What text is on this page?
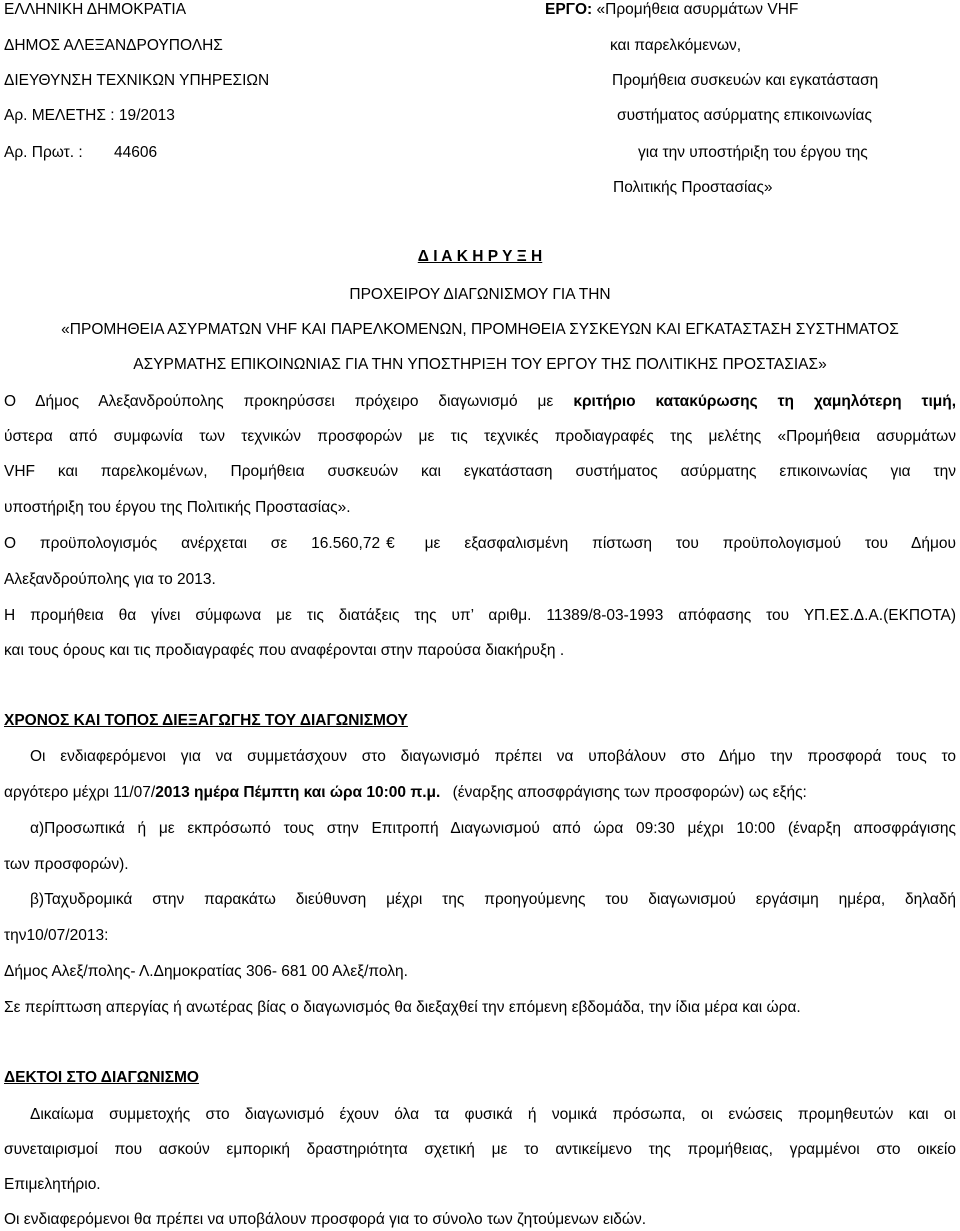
ΕΛΛΗΝΙΚΗ ΔΗΜΟΚΡΑΤΙΑ
ΔΗΜΟΣ ΑΛΕΞΑΝΔΡΟΥΠΟΛΗΣ
ΔΙΕΥΘΥΝΣΗ ΤΕΧΝΙΚΩΝ ΥΠΗΡΕΣΙΩΝ
Αρ. ΜΕΛΕΤΗΣ : 19/2013
Αρ. Πρωτ. : 44606
ΕΡΓΟ: «Προμήθεια ασυρμάτων VHF
και παρελκόμενων,
Προμήθεια συσκευών και εγκατάσταση
συστήματος ασύρματης επικοινωνίας
για την υποστήριξη του έργου της
Πολιτικής Προστασίας»
Δ Ι Α Κ Η Ρ Υ Ξ Η
ΠΡΟΧΕΙΡΟΥ ΔΙΑΓΩΝΙΣΜΟΥ ΓΙΑ ΤΗΝ
«ΠΡΟΜΗΘΕΙΑ ΑΣΥΡΜΑΤΩΝ VHF ΚΑΙ ΠΑΡΕΛΚΟΜΕΝΩΝ, ΠΡΟΜΗΘΕΙΑ ΣΥΣΚΕΥΩΝ ΚΑΙ ΕΓΚΑΤΑΣΤΑΣΗ ΣΥΣΤΗΜΑΤΟΣ
ΑΣΥΡΜΑΤΗΣ ΕΠΙΚΟΙΝΩΝΙΑΣ ΓΙΑ ΤΗΝ ΥΠΟΣΤΗΡΙΞΗ ΤΟΥ ΕΡΓΟΥ ΤΗΣ ΠΟΛΙΤΙΚΗΣ ΠΡΟΣΤΑΣΙΑΣ»
Ο Δήμος Αλεξανδρούπολης προκηρύσσει πρόχειρο διαγωνισμό με κριτήριο κατακύρωσης τη χαμηλότερη τιμή,
ύστερα από συμφωνία των τεχνικών προσφορών με τις τεχνικές προδιαγραφές της μελέτης «Προμήθεια ασυρμάτων
VHF και παρελκομένων, Προμήθεια συσκευών και εγκατάσταση συστήματος ασύρματης επικοινωνίας για την
υποστήριξη του έργου της Πολιτικής Προστασίας».
Ο προϋπολογισμός ανέρχεται σε 16.560,72 € με εξασφαλισμένη πίστωση του προϋπολογισμού του Δήμου
Αλεξανδρούπολης για το 2013.
Η προμήθεια θα γίνει σύμφωνα με τις διατάξεις της υπ’ αριθμ. 11389/8-03-1993 απόφασης του ΥΠ.ΕΣ.Δ.Α.(ΕΚΠΟΤΑ)
και τους όρους και τις προδιαγραφές που αναφέρονται στην παρούσα διακήρυξη .
ΧΡΟΝΟΣ ΚΑΙ ΤΟΠΟΣ ΔΙΕΞΑΓΩΓΗΣ ΤΟΥ ΔΙΑΓΩΝΙΣΜΟΥ
Οι ενδιαφερόμενοι για να συμμετάσχουν στο διαγωνισμό πρέπει να υποβάλουν στο Δήμο την προσφορά τους το
αργότερο μέχρι 11/07/2013 ημέρα Πέμπτη και ώρα 10:00 π.μ. (έναρξης αποσφράγισης των προσφορών) ως εξής:
α)Προσωπικά ή με εκπρόσωπό τους στην Επιτροπή Διαγωνισμού από ώρα 09:30 μέχρι 10:00 (έναρξη αποσφράγισης
των προσφορών).
β)Ταχυδρομικά στην παρακάτω διεύθυνση μέχρι της προηγούμενης του διαγωνισμού εργάσιμη ημέρα, δηλαδή
την10/07/2013:
Δήμος Αλεξ/πολης- Λ.Δημοκρατίας 306- 681 00 Αλεξ/πολη.
Σε περίπτωση απεργίας ή ανωτέρας βίας ο διαγωνισμός θα διεξαχθεί την επόμενη εβδομάδα, την ίδια μέρα και ώρα.
ΔΕΚΤΟΙ ΣΤΟ ΔΙΑΓΩΝΙΣΜΟ
Δικαίωμα συμμετοχής στο διαγωνισμό έχουν όλα τα φυσικά ή νομικά πρόσωπα, οι ενώσεις προμηθευτών και οι
συνεταιρισμοί που ασκούν εμπορική δραστηριότητα σχετική με το αντικείμενο της προμήθειας, γραμμένοι στο οικείο
Επιμελητήριο.
Οι ενδιαφερόμενοι θα πρέπει να υποβάλουν προσφορά για το σύνολο των ζητούμενων ειδών.
